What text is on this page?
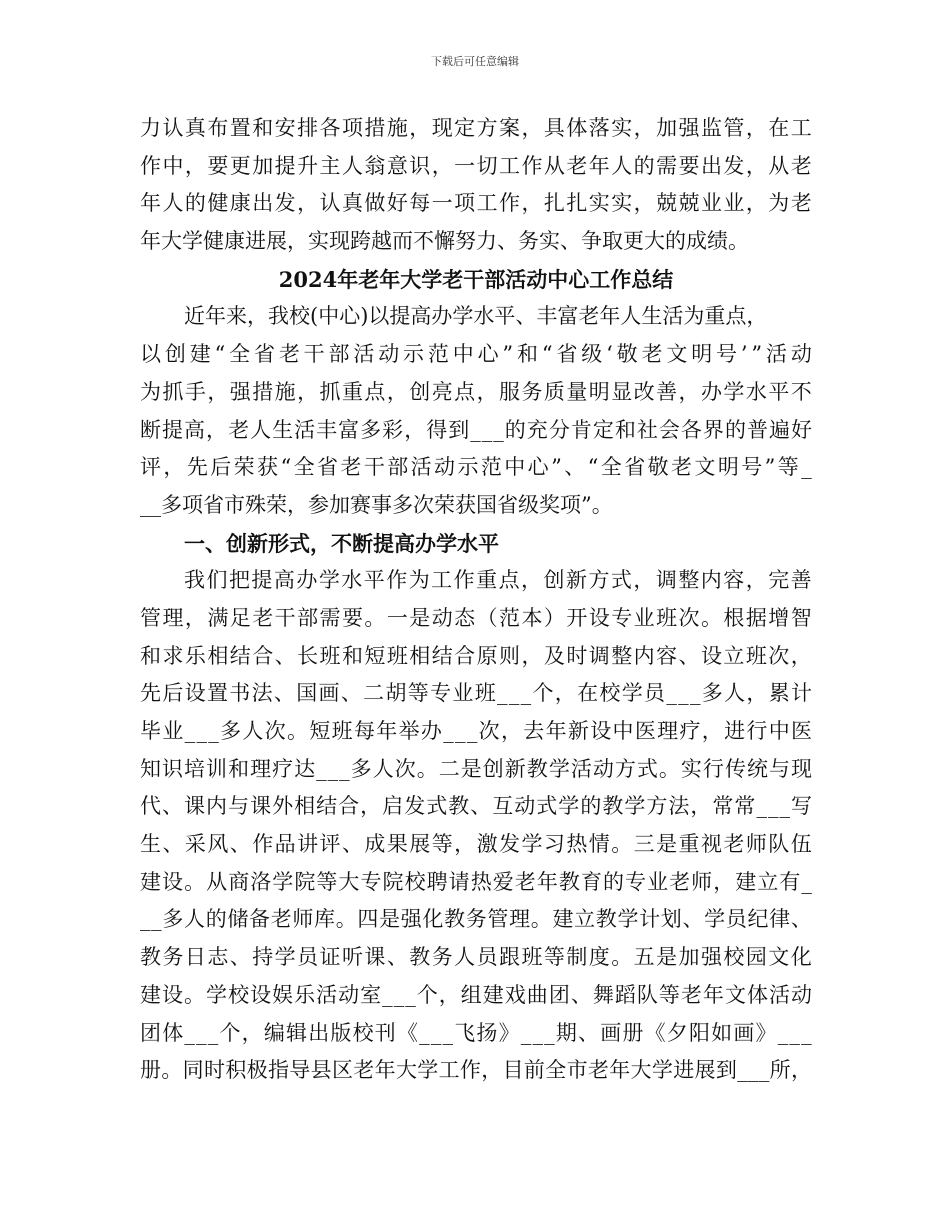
下载后可任意编辑
力 认 真 布 置 和 安 排 各 项 措 施 ， 现 定 方 案 ， 具 体 落 实 ， 加 强 监 管 ， 在 工
作 中 ， 要 更 加 提 升 主 人 翁 意 识 ， 一 切 工 作 从 老 年 人 的 需 要 出 发 ， 从 老
年 人 的 健 康 出 发 ， 认 真 做 好 每 一 项 工 作 ， 扎 扎 实 实 ， 兢 兢 业 业 ， 为 老
年大学健康进展，实现跨越而不懈努力、务实、争取更大的成绩。
2024年老年大学老干部活动中心工作总结
近年来，我校(中心)以提高办学水平、丰富老年人生活为重点，
以 创 建 “ 全 省 老 干 部 活 动 示 范 中 心 ” 和 “ 省 级 ‘ 敬 老 文 明 号 ’ ” 活 动
为 抓 手 ， 强 措 施 ， 抓 重 点 ， 创 亮 点 ， 服 务 质 量 明 显 改 善 ， 办 学 水 平 不
断 提 高 ， 老 人 生 活 丰 富 多 彩 ， 得 到 _ _ _ 的 充 分 肯 定 和 社 会 各 界 的 普 遍 好
评 ， 先 后 荣 获 “ 全 省 老 干 部 活 动 示 范 中 心 ” 、 “ 全 省 敬 老 文 明 号 ” 等 _
__多项省市殊荣，参加赛事多次荣获国省级奖项”。
一、创新形式，不断提高办学水平
我 们 把 提 高 办 学 水 平 作 为 工 作 重 点 ， 创 新 方 式 ， 调 整 内 容 ， 完 善
管 理 ， 满 足 老 干 部 需 要 。 一 是 动 态 （ 范 本 ） 开 设 专 业 班 次 。 根 据 增 智
和 求 乐 相 结 合 、 长 班 和 短 班 相 结 合 原 则 ， 及 时 调 整 内 容 、 设 立 班 次 ，
先 后 设 置 书 法 、 国 画 、 二 胡 等 专 业 班 _ _ _ 个 ， 在 校 学 员 _ _ _ 多 人 ， 累 计
毕 业 _ _ _ 多 人 次 。 短 班 每 年 举 办 _ _ _ 次 ， 去 年 新 设 中 医 理 疗 ， 进 行 中 医
知 识 培 训 和 理 疗 达 _ _ _ 多 人 次 。 二 是 创 新 教 学 活 动 方 式 。 实 行 传 统 与 现
代 、 课 内 与 课 外 相 结 合 ， 启 发 式 教 、 互 动 式 学 的 教 学 方 法 ， 常 常 _ _ _ 写
生 、 采 风 、 作 品 讲 评 、 成 果 展 等 ， 激 发 学 习 热 情 。 三 是 重 视 老 师 队 伍
建 设 。 从 商 洛 学 院 等 大 专 院 校 聘 请 热 爱 老 年 教 育 的 专 业 老 师 ， 建 立 有 _
_ _ 多 人 的 储 备 老 师 库 。 四 是 强 化 教 务 管 理 。 建 立 教 学 计 划 、 学 员 纪 律 、
教 务 日 志 、 持 学 员 证 听 课 、 教 务 人 员 跟 班 等 制 度 。 五 是 加 强 校 园 文 化
建 设 。 学 校 设 娱 乐 活 动 室 _ _ _ 个 ， 组 建 戏 曲 团 、 舞 蹈 队 等 老 年 文 体 活 动
团 体 _ _ _ 个 ， 编 辑 出 版 校 刊 《 _ _ _ 飞 扬 》 _ _ _ 期 、 画 册 《 夕 阳 如 画 》 _ _ _
册 。 同 时 积 极 指 导 县 区 老 年 大 学 工 作 ， 目 前 全 市 老 年 大 学 进 展 到 _ _ _ 所 ，
